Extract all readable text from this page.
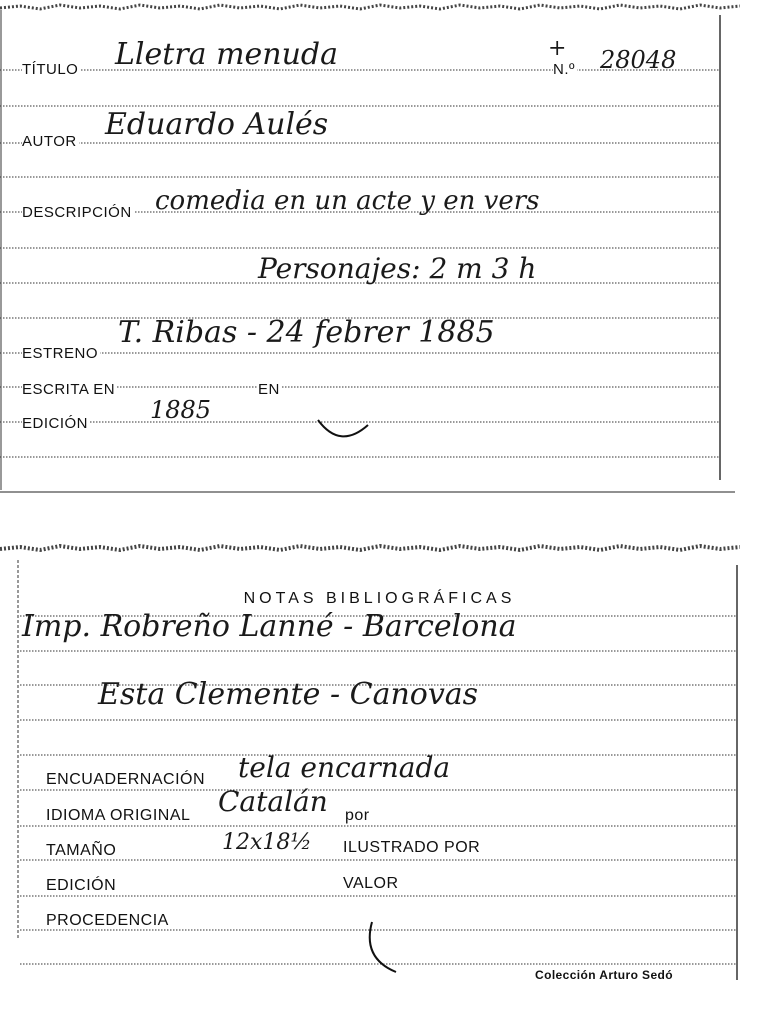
TÍTULO Lletra menuda	+
N.º 28048
AUTOR Eduardo Aulés
DESCRIPCIÓN comedia en un acte y en vers
Personajes: 2 m 3 h
ESTRENO
T. Ribas - 24 febrer 1885
ESCRITA EN	EN
EDICIÓN	1885
NOTAS BIBLIOGRÁFICAS
Imp. Robreño Lanné - Barcelona
Esta Clemente - Canovas
ENCUADERNACIÓN tela encarnada
IDIOMA ORIGINAL Catalán por
TAMAÑO	12x18½ ILUSTRADO POR
EDICIÓN	VALOR
PROCEDENCIA
Colección Arturo Sedó
